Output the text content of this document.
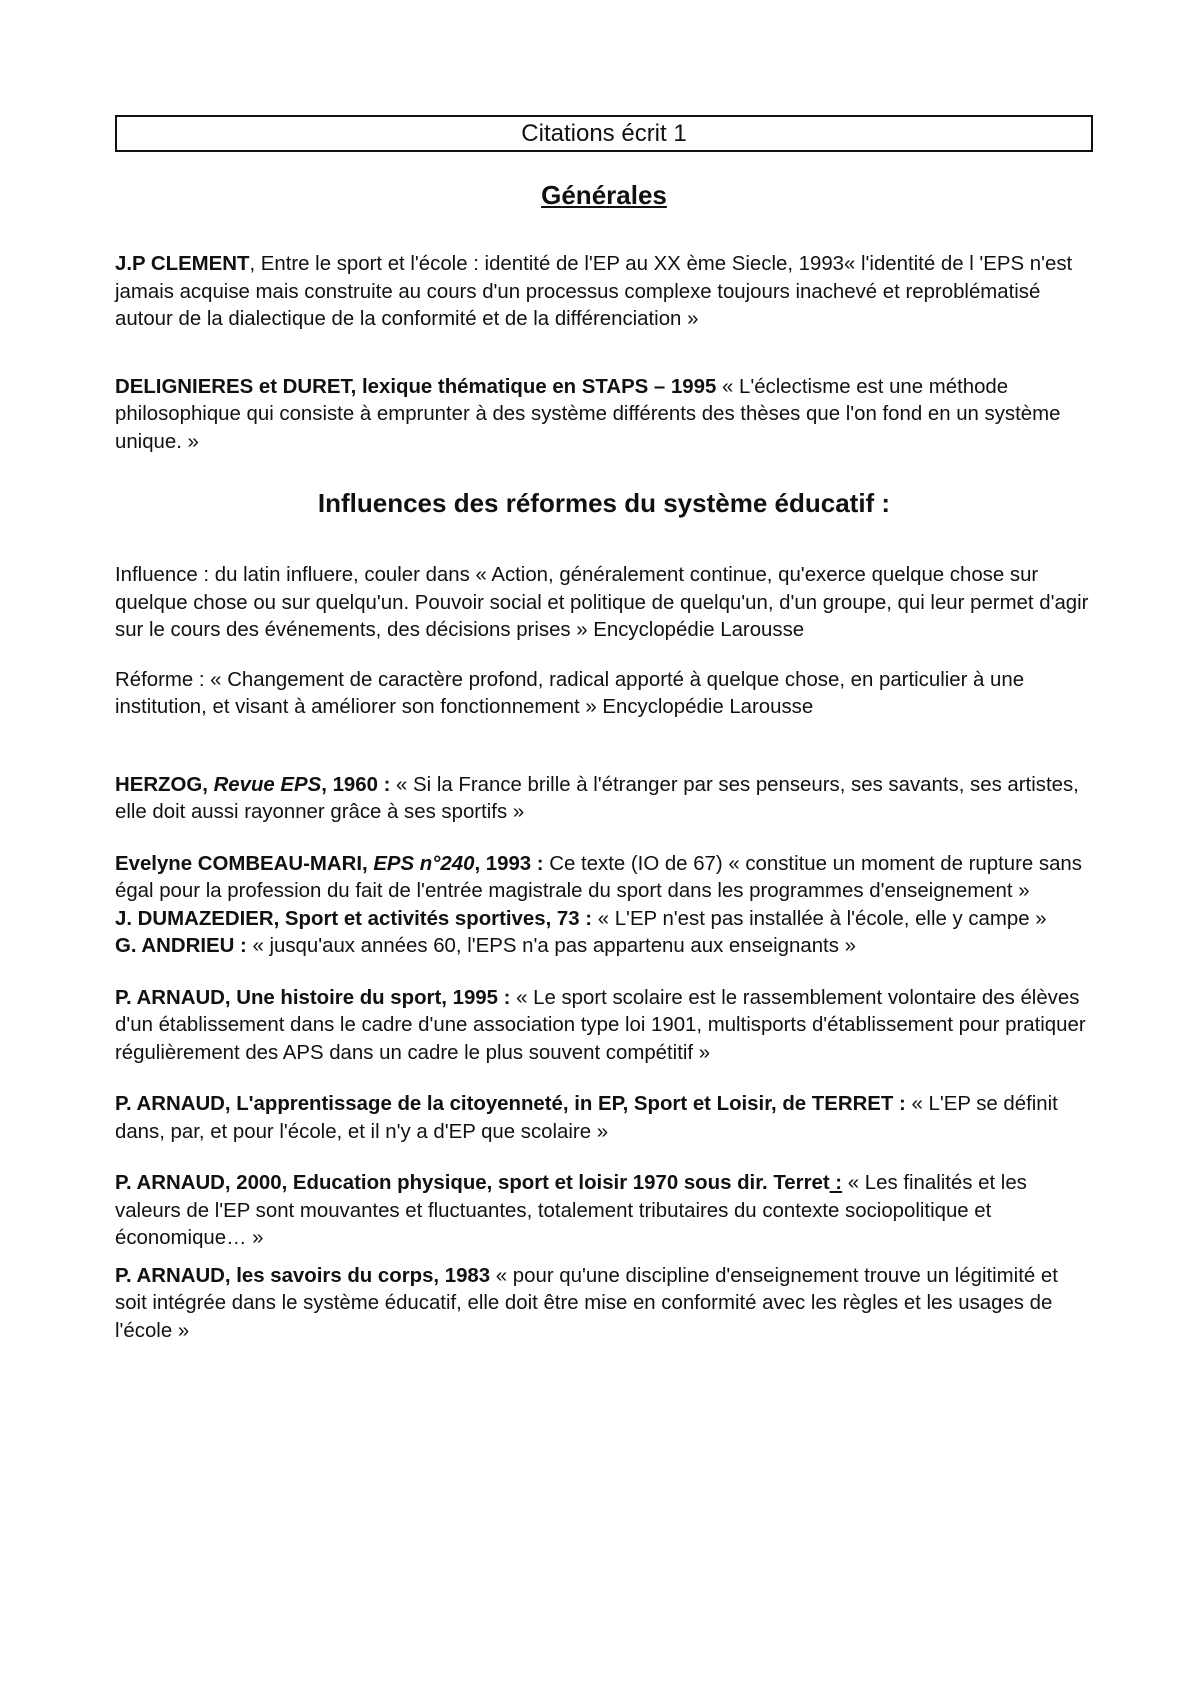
Citations écrit 1
Générales

J.P CLEMENT, Entre le sport et l'école : identité de l'EP au XX ème Siecle, 1993« l'identité de l 'EPS n'est jamais acquise mais construite au cours d'un processus complexe toujours inachevé et reproblématisé autour de la dialectique de la conformité et de la différenciation »

DELIGNIERES et DURET, lexique thématique en STAPS – 1995 « L'éclectisme est une méthode philosophique qui consiste à emprunter à des système différents des thèses que l'on fond en un système unique. »

Influences des réformes du système éducatif :

Influence : du latin influere, couler dans « Action, généralement continue, qu'exerce quelque chose sur quelque chose ou sur quelqu'un. Pouvoir social et politique de quelqu'un, d'un groupe, qui leur permet d'agir sur le cours des événements, des décisions prises » Encyclopédie Larousse

Réforme : « Changement de caractère profond, radical apporté à quelque chose, en particulier à une institution, et visant à améliorer son fonctionnement » Encyclopédie Larousse

HERZOG, Revue EPS, 1960 : « Si la France brille à l'étranger par ses penseurs, ses savants, ses artistes, elle doit aussi rayonner grâce à ses sportifs »

Evelyne COMBEAU-MARI, EPS n°240, 1993 : Ce texte (IO de 67) « constitue un moment de rupture sans égal pour la profession du fait de l'entrée magistrale du sport dans les programmes d'enseignement »

J. DUMAZEDIER, Sport et activités sportives, 73 : « L'EP n'est pas installée à l'école, elle y campe »

G. ANDRIEU : « jusqu'aux années 60, l'EPS n'a pas appartenu aux enseignants »

P. ARNAUD, Une histoire du sport, 1995 : « Le sport scolaire est le rassemblement volontaire des élèves d'un établissement dans le cadre d'une association type loi 1901, multisports d'établissement pour pratiquer régulièrement des APS dans un cadre le plus souvent compétitif »

P. ARNAUD, L'apprentissage de la citoyenneté, in EP, Sport et Loisir, de TERRET : « L'EP se définit dans, par, et pour l'école, et il n'y a d'EP que scolaire »

P. ARNAUD, 2000, Education physique, sport et loisir 1970 sous dir. Terret : « Les finalités et les valeurs de l'EP sont mouvantes et fluctuantes, totalement tributaires du contexte sociopolitique et économique… »

P. ARNAUD, les savoirs du corps, 1983 « pour qu'une discipline d'enseignement trouve un légitimité et soit intégrée dans le système éducatif, elle doit être mise en conformité avec les règles et les usages de l'école »
